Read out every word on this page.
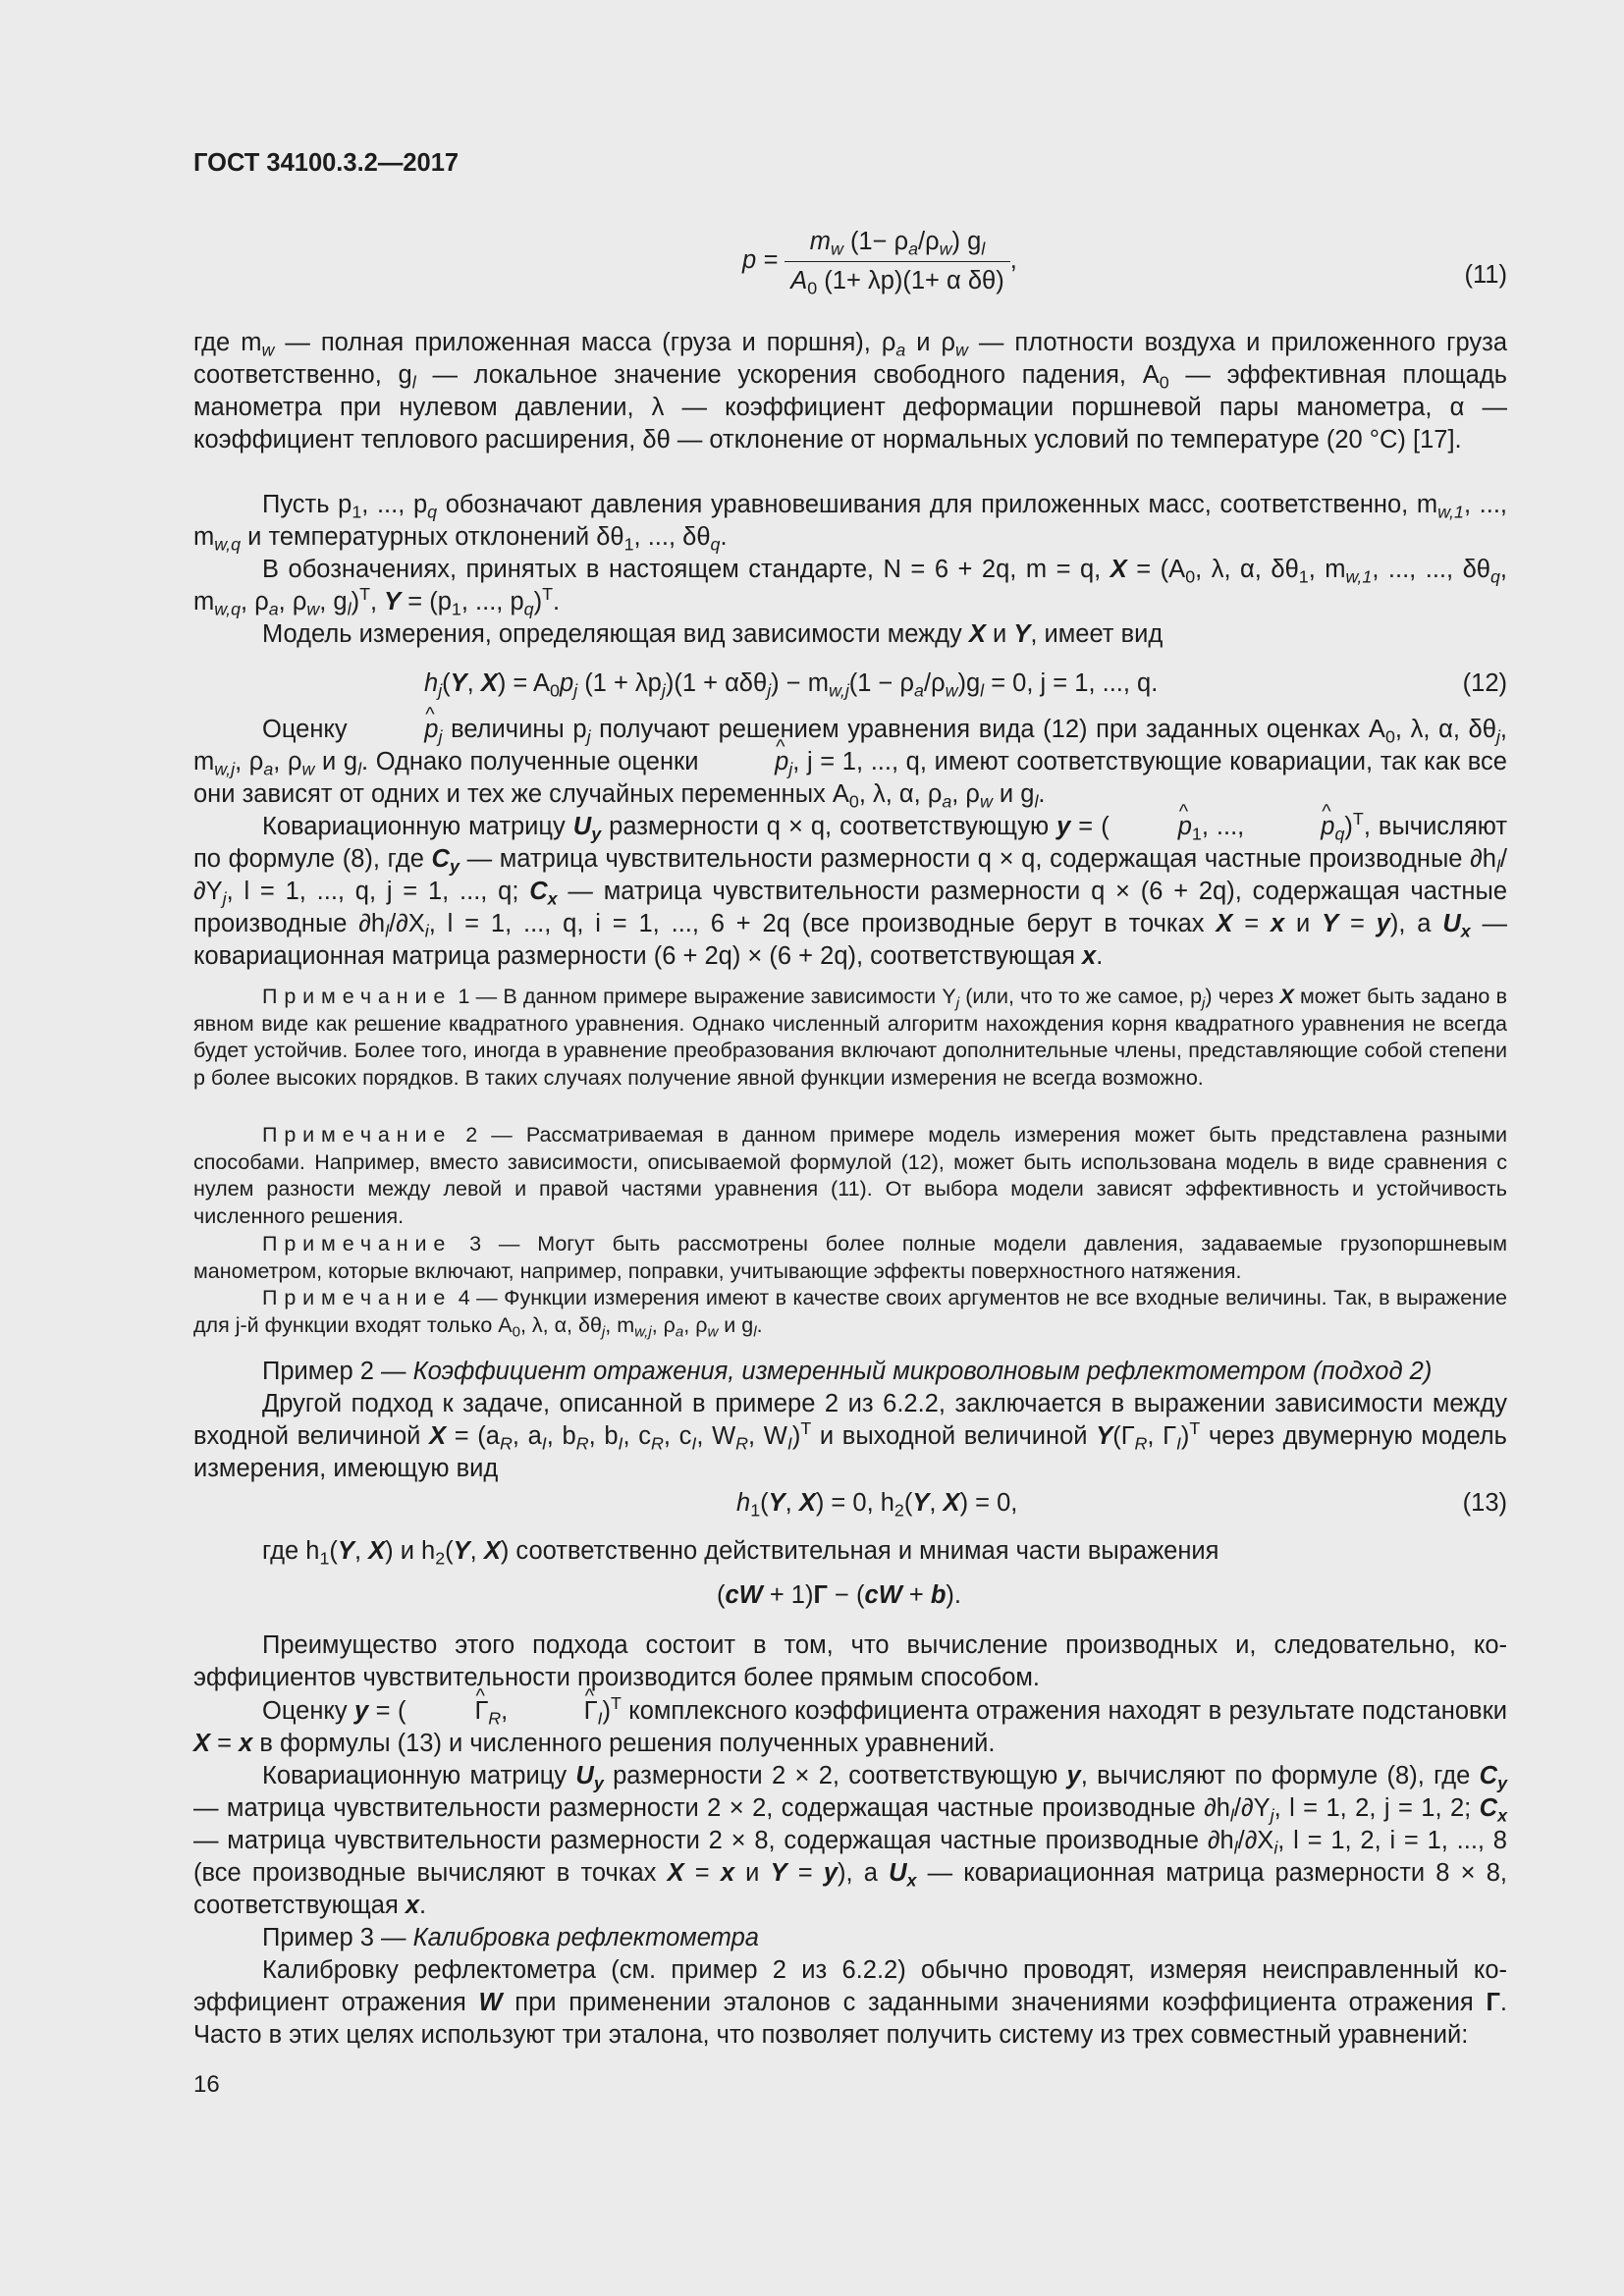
ГОСТ 34100.3.2—2017
$p = \frac{m_w (1- \rho_a/\rho_w) g_l}{A_0 (1+ \lambda p)(1+ \alpha \delta\theta)}$ ,
(11)
где $m_w$ — полная приложенная масса (груза и поршня), $\rho_a$ и $\rho_w$ — плотности воздуха и приложенного груза соответственно, $g_l$ — локальное значение ускорения свободного падения, $A_0$ — эффективная площадь манометра при нулевом давлении, λ — коэффициент деформации поршневой пары манометра, α — коэффициент теплового расширения, δθ — отклонение от нормальных условий по температуре (20 °С) [17].
Пусть $p_1$, ..., $p_q$ обозначают давления уравновешивания для приложенных масс, соответственно, $m_{w,1}$, ..., $m_{w,q}$ и температурных отклонений $\delta\theta_1$, ..., $\delta\theta_q$.
В обозначениях, принятых в настоящем стандарте, N = 6 + 2q, m = q, $X = (A_0$, λ, α, $\delta\theta_1$, $m_{w,1}$, ..., ..., $\delta\theta_q$, $m_{w,q}$, $\rho_a$, $\rho_w$, $g_l)^T$, $Y = (p_1$, ..., $p_q)^T$.
Модель измерения, определяющая вид зависимости между X и Y, имеет вид
$h_j(Y$, $X) = A_0p_j$ $(1 + \lambda p_j)(1 + \alpha\delta\theta_j) - m_{w,j}(1 - \rho_a/\rho_w)g_l = 0$, j = 1, ..., q.	(12)
Оценку	^ $p_j$ величины $p_j$ получают решением уравнения вида (12) при заданных оценках $A_0$, λ, α, $\delta\theta_j$, $m_{w,j}$, $\rho_a$, $\rho_w$ и $g_l$. Однако полученные оценки	^ $p_j$, j = 1, ..., q, имеют соответствующие ковариации, так как все они зависят от одних и тех же случайных переменных $A_0$, λ, α, $\rho_a$, $\rho_w$ и $g_l$.
Ковариационную матрицу $U_y$ размерности q × q, соответствующую y = (	^ $p_1$, ...,	^ $p_q)^T$, вычисляют по формуле (8), где $C_y$ — матрица чувствительности размерности q × q, содержащая частные производные $\partial h_l/\partial Y_j$, l = 1, ..., q, j = 1, ..., q; $C_x$ — матрица чувствительности размерности q × (6 + 2q), содержащая частные производные $\partial h_l/\partial X_i$, l = 1, ..., q, i = 1, ..., 6 + 2q (все производные берут в точках X = x и Y = y), а $U_x$ — ковариационная матрица размерности (6 + 2q) × (6 + 2q), соответствующая x.
Примечание 1 — В данном примере выражение зависимости $Y_j$ (или, что то же самое, $p_j$) через X может быть задано в явном виде как решение квадратного уравнения. Однако численный алгоритм нахождения корня квадратного уравнения не всегда будет устойчив. Более того, иногда в уравнение преобразования включают дополнительные члены, представляющие собой степени p более высоких порядков. В таких случаях получение явной функции измерения не всегда возможно.
Примечание 2 — Рассматриваемая в данном примере модель измерения может быть представлена разными способами. Например, вместо зависимости, описываемой формулой (12), может быть использована модель в виде сравнения с нулем разности между левой и правой частями уравнения (11). От выбора модели зависят эффективность и устойчивость численного решения.
Примечание 3 — Могут быть рассмотрены более полные модели давления, задаваемые грузопоршневым манометром, которые включают, например, поправки, учитывающие эффекты поверхностного натяжения.
Примечание 4 — Функции измерения имеют в качестве своих аргументов не все входные величины. Так, в выражение для j-й функции входят только $A_0$, λ, α, $\delta\theta_j$, $m_{w,j}$, $\rho_a$, $\rho_w$ и $g_l$.
Пример 2 — Коэффициент отражения, измеренный микроволновым рефлектометром (подход 2)
Другой подход к задаче, описанной в примере 2 из 6.2.2, заключается в выражении зависимости между входной величиной $X = (a_R$, $a_I$, $b_R$, $b_I$, $c_R$, $c_I$, $W_R$, $W_I)^T$ и выходной величиной $Y(Г_R$, $Г_I)^T$ через двумерную модель измерения, имеющую вид
$h_1(Y$, X) = 0, $h_2(Y$, X) = 0,	(13)
где $h_1(Y$, X) и $h_2(Y$, X) соответственно действительная и мнимая части выражения
(cW + 1)Г − (cW + b).
Преимущество этого подхода состоит в том, что вычисление производных и, следовательно, коэффициентов чувствительности производится более прямым способом.
Оценку y = (	^ $Г_R$,	^ $Г_I)^T$ комплексного коэффициента отражения находят в результате подстановки X = x в формулы (13) и численного решения полученных уравнений.
Ковариационную матрицу $U_y$ размерности 2 × 2, соответствующую y, вычисляют по формуле (8), где $C_y$ — матрица чувствительности размерности 2 × 2, содержащая частные производные $\partial h_l/\partial Y_j$, l = 1, 2, j = 1, 2; $C_x$ — матрица чувствительности размерности 2 × 8, содержащая частные производные $\partial h_l/\partial X_i$, l = 1, 2, i = 1, ..., 8 (все производные вычисляют в точках X = x и Y = y), а $U_x$ — ковариационная матрица размерности 8 × 8, соответствующая x.
Пример 3 — Калибровка рефлектометра
Калибровку рефлектометра (см. пример 2 из 6.2.2) обычно проводят, измеряя неисправленный коэффициент отражения W при применении эталонов с заданными значениями коэффициента отражения Г. Часто в этих целях используют три эталона, что позволяет получить систему из трех совместный уравнений:
16
